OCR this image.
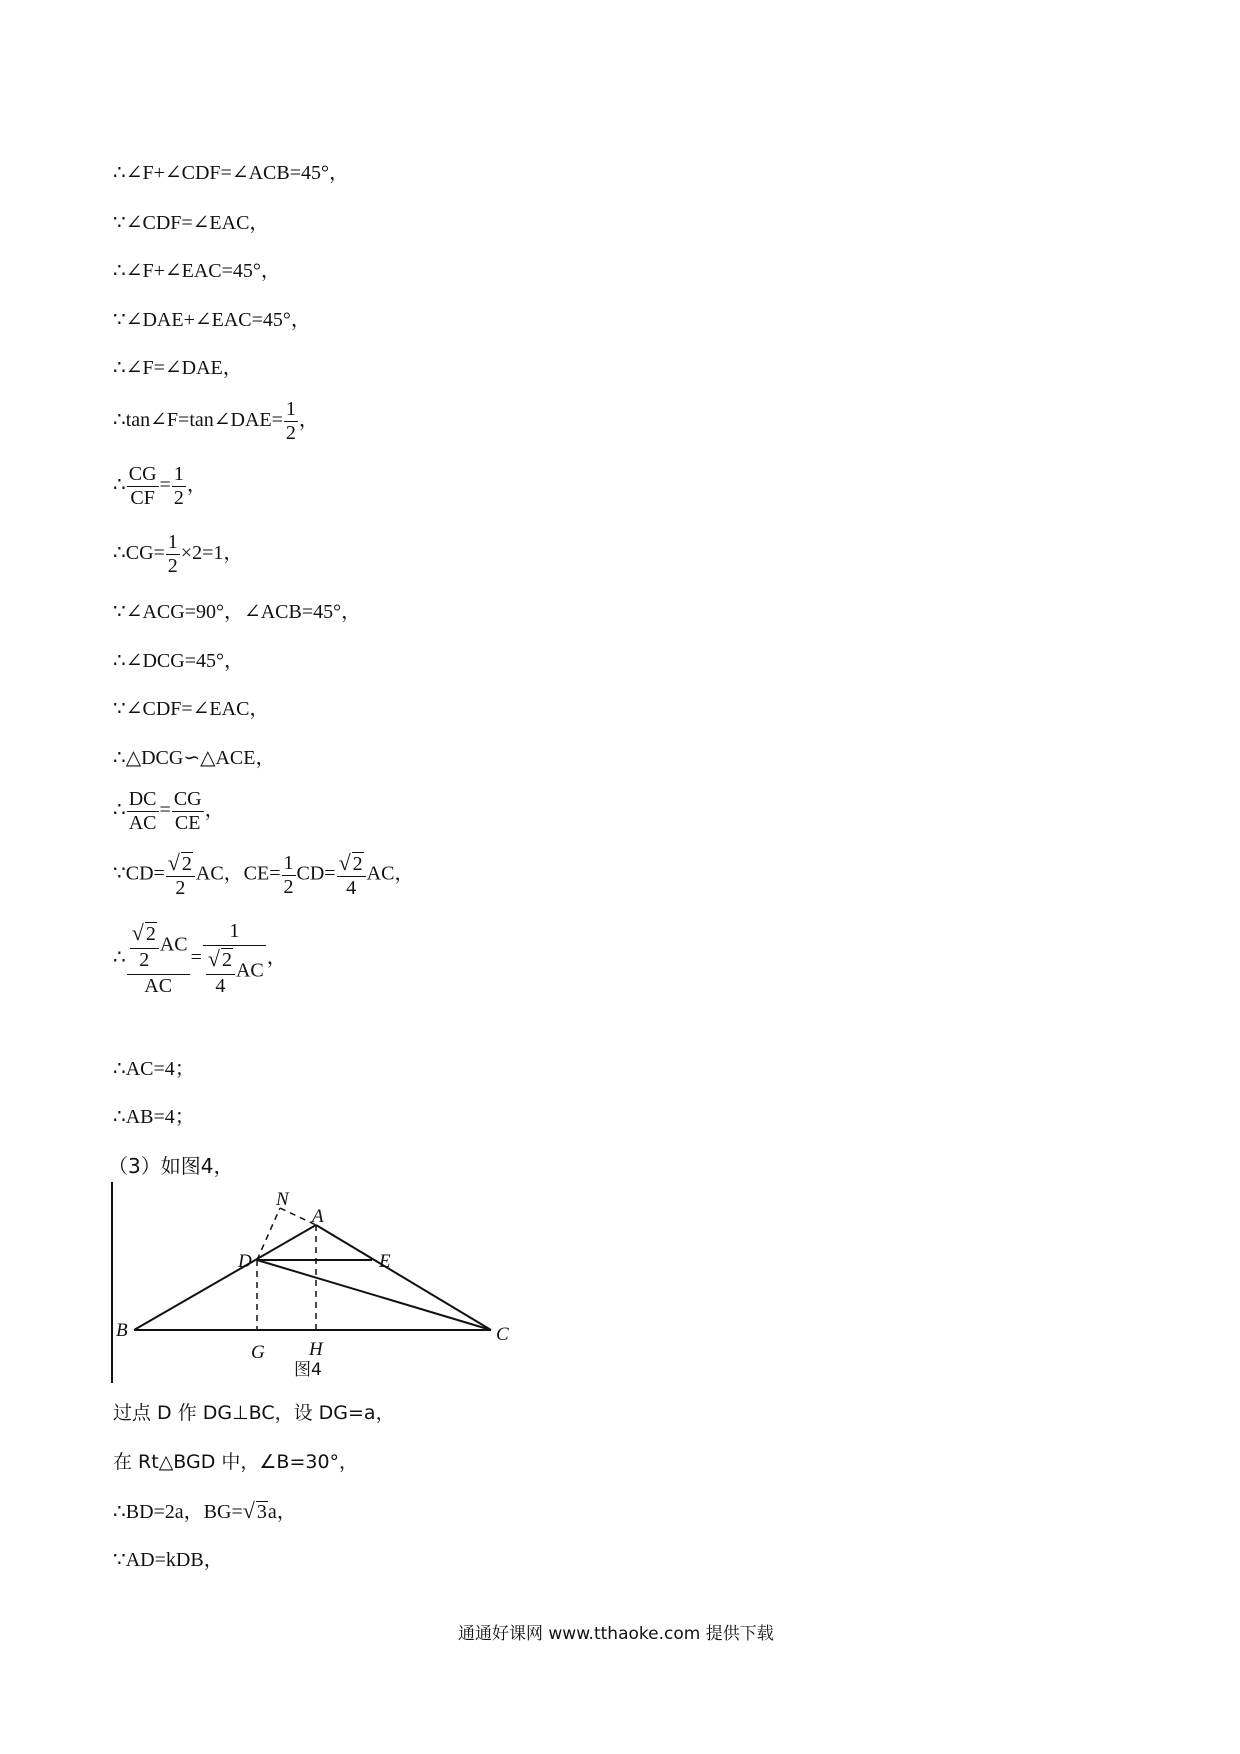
∴∠F+∠CDF=∠ACB=45°，
∵∠CDF=∠EAC，
∴∠F+∠EAC=45°，
∵∠DAE+∠EAC=45°，
∴∠F=∠DAE，
∴tan∠F=tan∠DAE= $\frac{1}{2}$ ，
∴ $\frac{CG}{CF} = \frac{1}{2}$ ，
∴CG= $\frac{1}{2} \times 2=1$，
∵∠ACG=90°，∠ACB=45°，
∴∠DCG=45°，
∵∠CDF=∠EAC，
∴△DCG∽△ACE，
∴ $\frac{DC}{AC} = \frac{CG}{CE}$ ，
∵CD= $\frac{√ 2}{2}$ AC，$CE= \frac{1}{2} CD= \frac{√ 2}{4}$ AC，
∴ $\frac{\frac{√ 2}{2} AC}{AC} = \frac{1}{\frac{√ 2}{4} AC}$ ，
∴AC=4；
∴AB=4；
（3）如图4，
N
A
D	E
B	C
G H
图4
过点 D 作 DG⊥BC，设 DG=a，
在 Rt△BGD 中，∠B=30°，
∴BD=2a，BG=√ 3a，
∵AD=kDB，
通通好课网 www.tthaoke.com 提供下载
